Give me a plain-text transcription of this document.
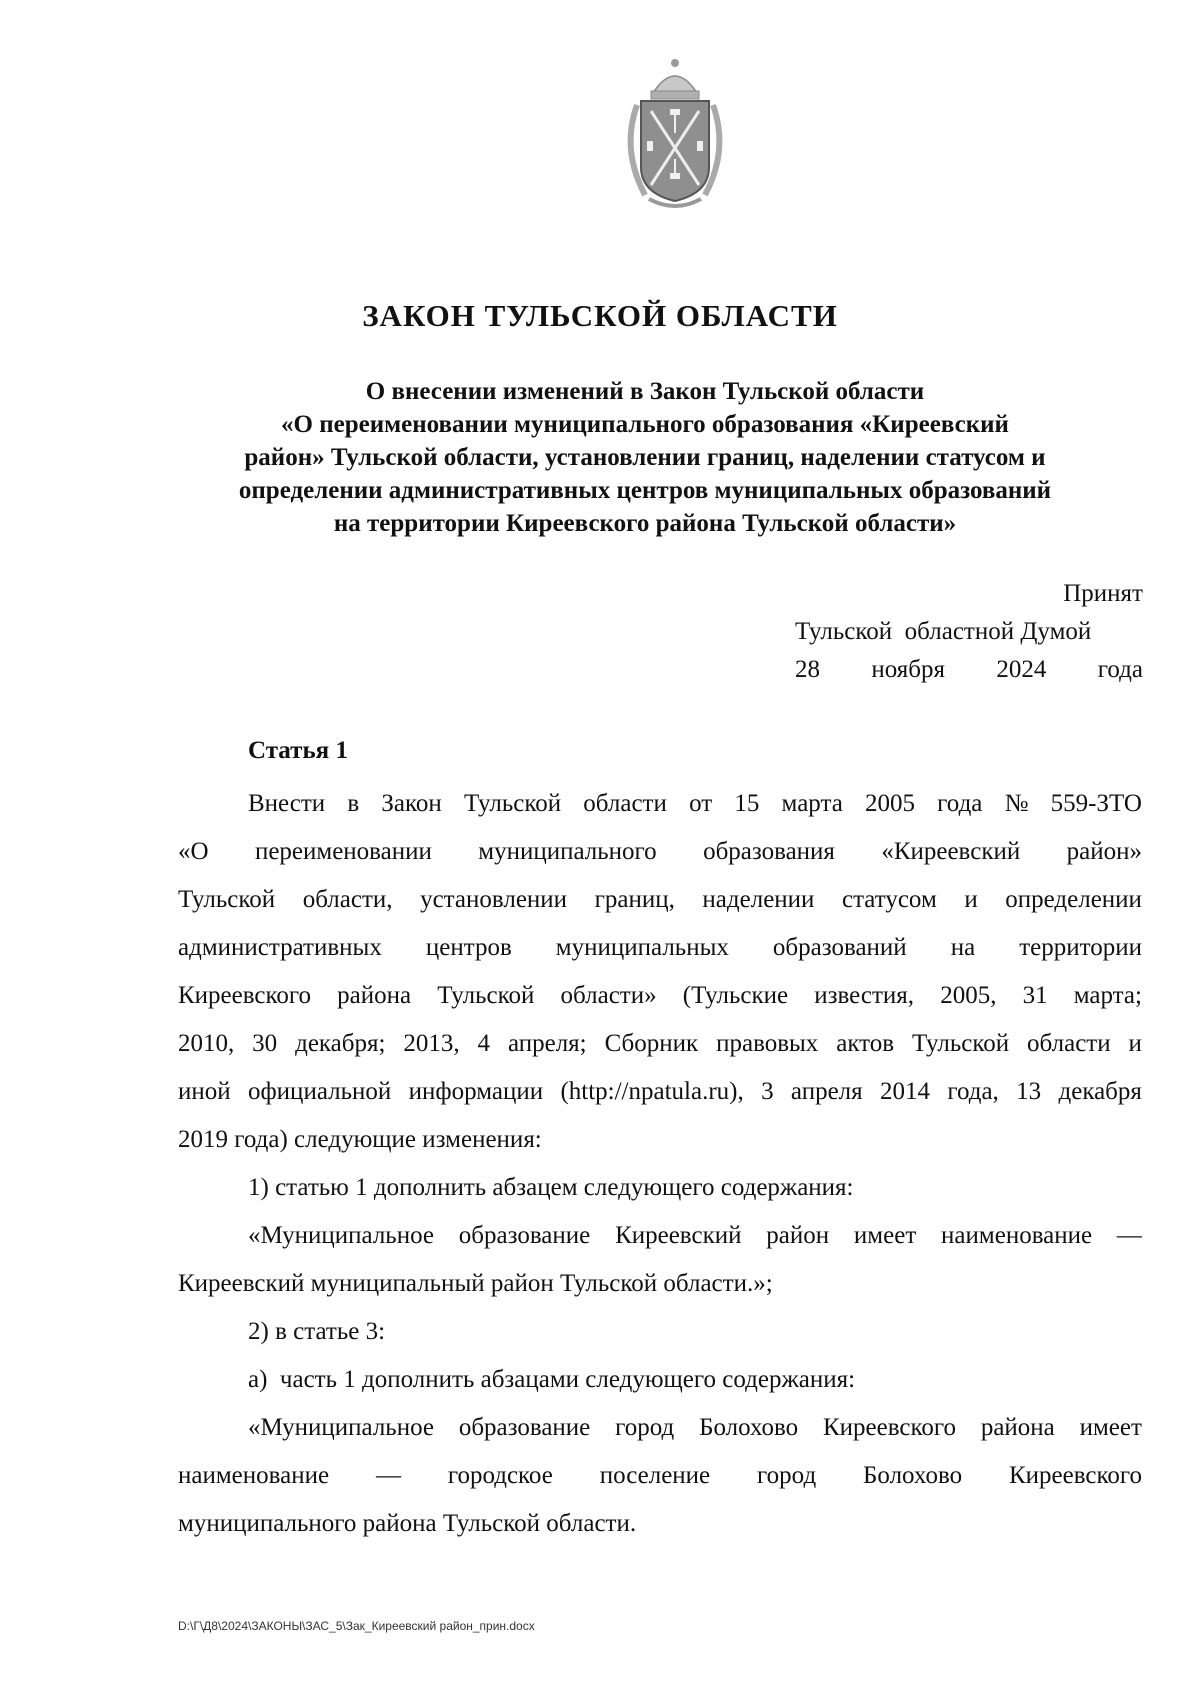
ЗАКОН ТУЛЬСКОЙ ОБЛАСТИ
О внесении изменений в Закон Тульской области
«О переименовании муниципального образования «Киреевский
район» Тульской области, установлении границ, наделении статусом и
определении административных центров муниципальных образований
на территории Киреевского района Тульской области»
Принят
Тульской  областной Думой
28 ноября 2024 года
Статья 1
Внести в Закон Тульской области от 15 марта 2005 года № 559-ЗТО
«О переименовании муниципального образования «Киреевский район»
Тульской области, установлении границ, наделении статусом и определении
административных центров муниципальных образований на территории
Киреевского района Тульской области» (Тульские известия, 2005, 31 марта;
2010, 30 декабря; 2013, 4 апреля; Сборник правовых актов Тульской области и
иной официальной информации (http://npatula.ru), 3 апреля 2014 года, 13 декабря
2019 года) следующие изменения:
1) статью 1 дополнить абзацем следующего содержания:
«Муниципальное образование Киреевский район имеет наименование —
Киреевский муниципальный район Тульской области.»;
2) в статье 3:
а)  часть 1 дополнить абзацами следующего содержания:
«Муниципальное образование город Болохово Киреевского района имеет
наименование — городское поселение город Болохово Киреевского
муниципального района Тульской области.
D:\Г\Д8\2024\ЗАКОНЫ\ЗАС_5\Зак_Киреевский район_прин.docx
